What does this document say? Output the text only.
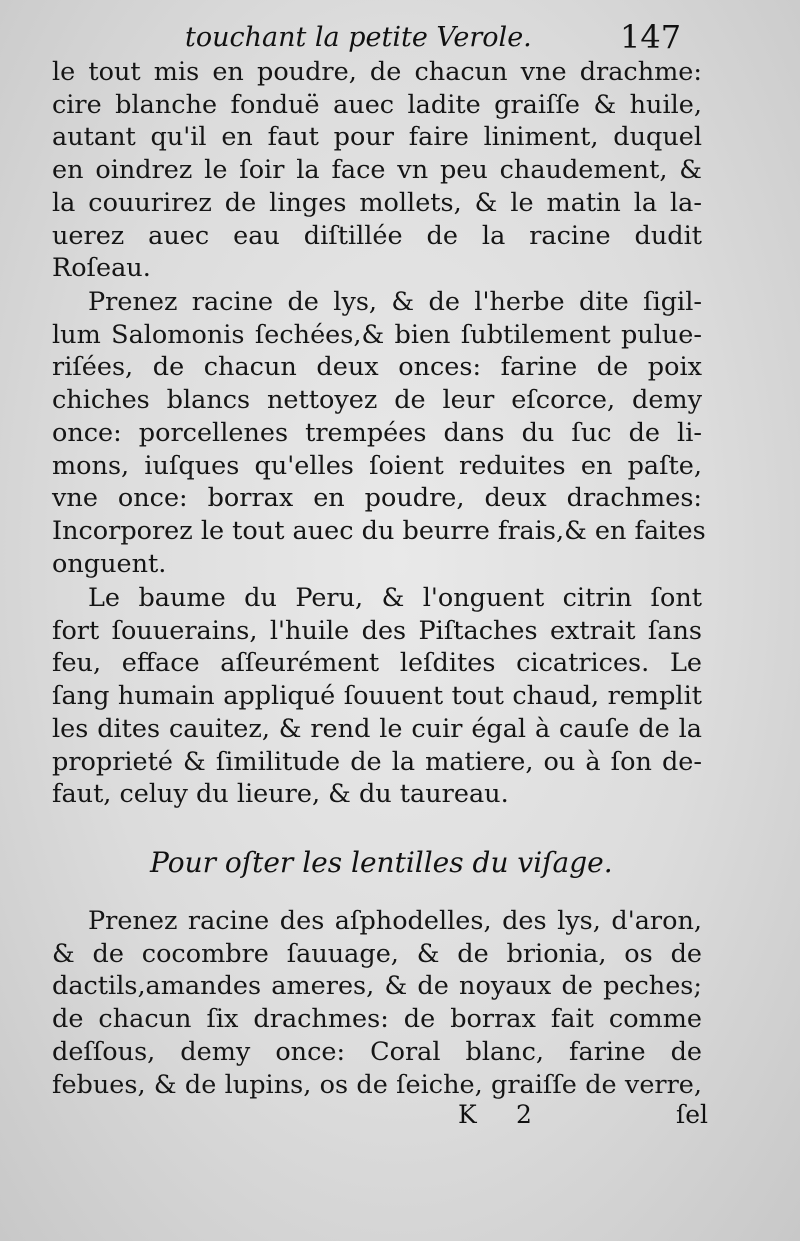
touchant la petite Verole.	147
le tout mis en poudre, de chacun vne drachme:
cire blanche fonduë auec ladite graiſſe & huile,
autant qu'il en faut pour faire liniment, duquel
en oindrez le ſoir la face vn peu chaudement, &
la couurirez de linges mollets, & le matin la la-
uerez auec eau diſtillée de la racine dudit
Roſeau.
Prenez racine de lys, & de l'herbe dite ſigil-
lum Salomonis ſechées,& bien ſubtilement pulue-
riſées, de chacun deux onces: farine de poix
chiches blancs nettoyez de leur eſcorce, demy
once: porcellenes trempées dans du ſuc de li-
mons, iuſques qu'elles ſoient reduites en paſte,
vne once: borrax en poudre, deux drachmes:
Incorporez le tout auec du beurre frais,& en faites
onguent.
Le baume du Peru, & l'onguent citrin ſont
fort ſouuerains, l'huile des Piſtaches extrait ſans
feu, efface aſſeurément leſdites cicatrices. Le
ſang humain appliqué ſouuent tout chaud, remplit
les dites cauitez, & rend le cuir égal à cauſe de la
proprieté & ſimilitude de la matiere, ou à ſon de-
faut, celuy du lieure, & du taureau.
Pour oſter les lentilles du viſage.
Prenez racine des aſphodelles, des lys, d'aron,
& de cocombre ſauuage, & de brionia, os de
dactils,amandes ameres, & de noyaux de peches;
de chacun ſix drachmes: de borrax fait comme
deſſous, demy once: Coral blanc, farine de
febues, & de lupins, os de ſeiche, graiſſe de verre,
K 2	ſel
